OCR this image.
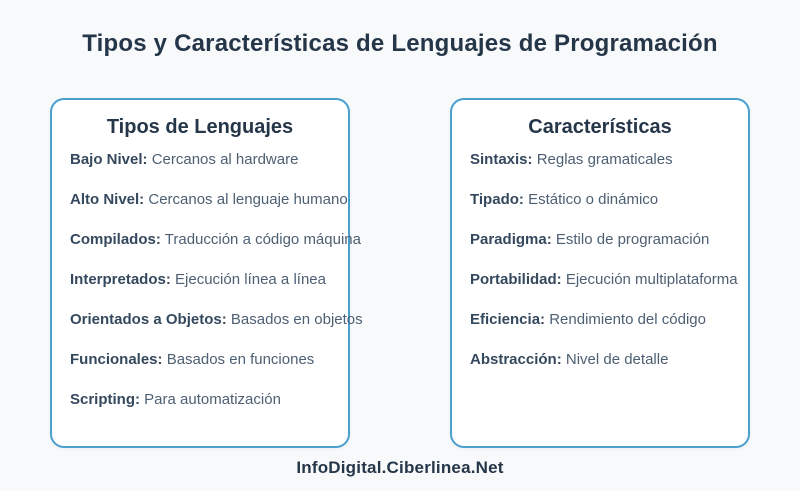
Tipos y Características de Lenguajes de Programación
Tipos de Lenguajes
Bajo Nivel: Cercanos al hardware
Alto Nivel: Cercanos al lenguaje humano
Compilados: Traducción a código máquina
Interpretados: Ejecución línea a línea
Orientados a Objetos: Basados en objetos
Funcionales: Basados en funciones
Scripting: Para automatización
Características
Sintaxis: Reglas gramaticales
Tipado: Estático o dinámico
Paradigma: Estilo de programación
Portabilidad: Ejecución multiplataforma
Eficiencia: Rendimiento del código
Abstracción: Nivel de detalle
InfoDigital.Ciberlinea.Net
